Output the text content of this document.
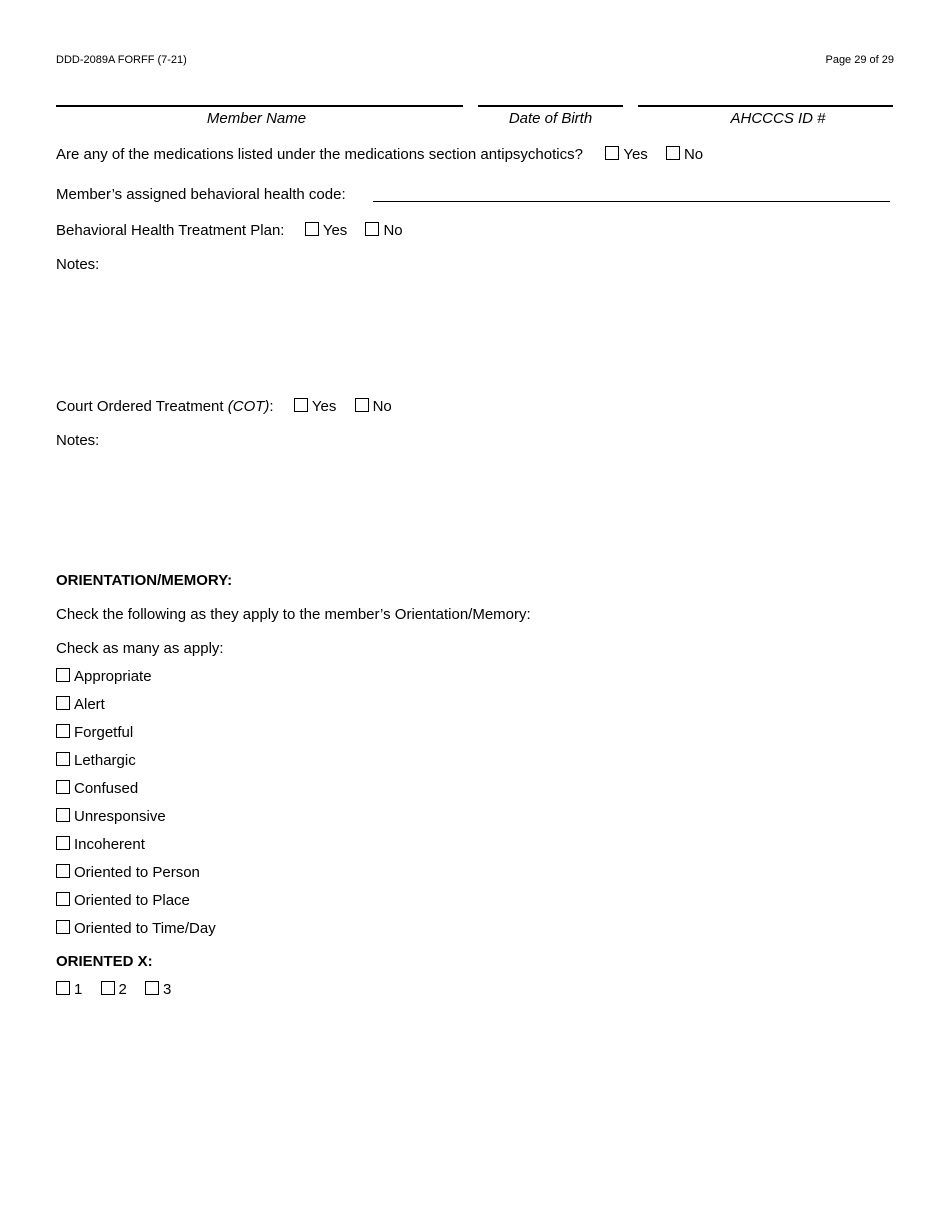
DDD-2089A FORFF (7-21)	Page 29 of 29
Member Name	Date of Birth	AHCCCS ID #
Are any of the medications listed under the medications section antipsychotics?	Yes No
Member’s assigned behavioral health code:
Behavioral Health Treatment Plan:	Yes No
Notes:
Court Ordered Treatment (COT):	Yes No
Notes:
ORIENTATION/MEMORY:
Check the following as they apply to the member’s Orientation/Memory:
Check as many as apply:
Appropriate
Alert
Forgetful
Lethargic
Confused
Unresponsive
Incoherent
Oriented to Person
Oriented to Place
Oriented to Time/Day
ORIENTED X:
1 2 3
